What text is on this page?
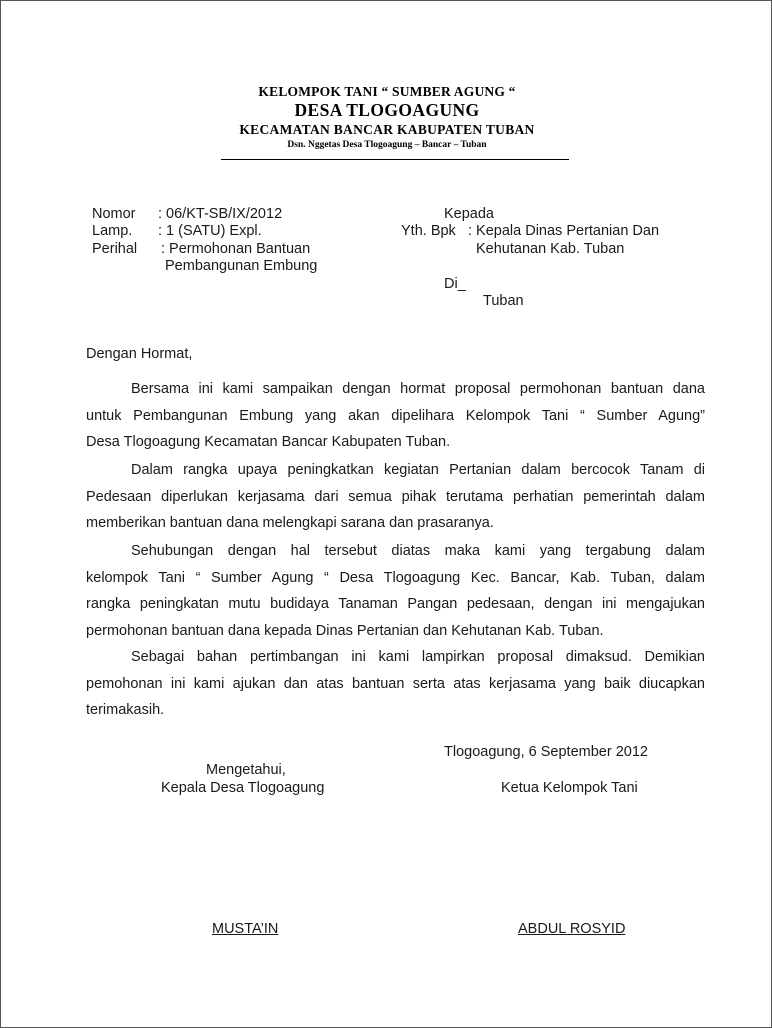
KELOMPOK TANI “ SUMBER AGUNG “
DESA TLOGOAGUNG
KECAMATAN BANCAR KABUPATEN TUBAN
Dsn. Nggetas Desa Tlogoagung – Bancar – Tuban
Nomor : 06/KT-SB/IX/2012
Lamp. : 1 (SATU) Expl.
Perihal : Permohonan Bantuan
Pembangunan Embung
Kepada
Yth. Bpk : Kepala Dinas Pertanian Dan
Kehutanan Kab. Tuban
Di_
Tuban
Dengan Hormat,
Bersama ini kami sampaikan dengan hormat proposal permohonan bantuan dana
untuk Pembangunan Embung yang akan dipelihara Kelompok Tani “ Sumber Agung”
Desa Tlogoagung Kecamatan Bancar Kabupaten Tuban.
Dalam rangka upaya peningkatkan kegiatan Pertanian dalam bercocok Tanam di
Pedesaan diperlukan kerjasama dari semua pihak terutama perhatian pemerintah dalam
memberikan bantuan dana melengkapi sarana dan prasaranya.
Sehubungan dengan hal tersebut diatas maka kami yang tergabung dalam
kelompok Tani “ Sumber Agung “ Desa Tlogoagung Kec. Bancar, Kab. Tuban, dalam
rangka peningkatan mutu budidaya Tanaman Pangan pedesaan, dengan ini mengajukan
permohonan bantuan dana kepada Dinas Pertanian dan Kehutanan Kab. Tuban.
Sebagai bahan pertimbangan ini kami lampirkan proposal dimaksud. Demikian
pemohonan ini kami ajukan dan atas bantuan serta atas kerjasama yang baik diucapkan
terimakasih.
Tlogoagung, 6 September 2012
Mengetahui,
Kepala Desa Tlogoagung	Ketua Kelompok Tani
MUSTA’IN	ABDUL ROSYID
